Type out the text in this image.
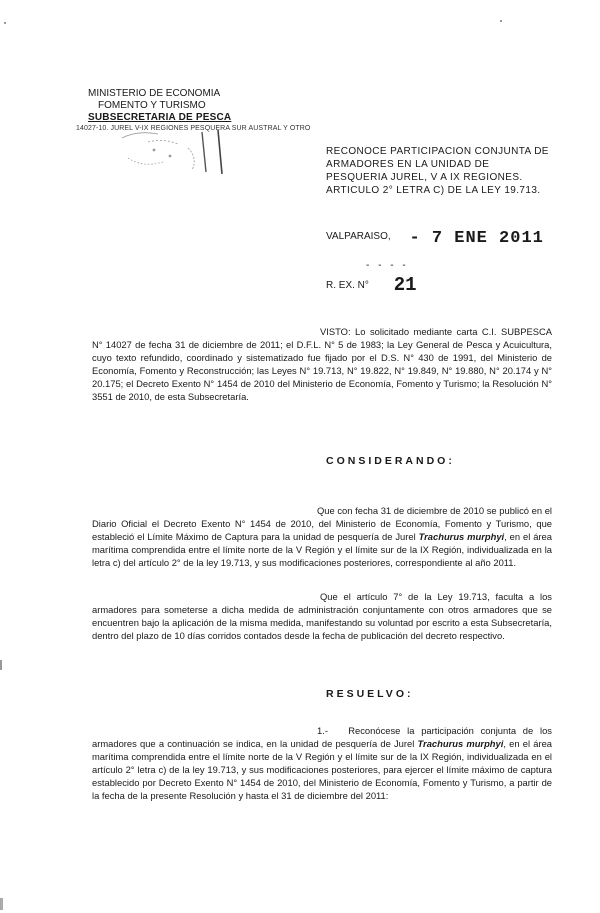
MINISTERIO DE ECONOMIA
FOMENTO Y TURISMO
SUBSECRETARIA DE PESCA
14027-10. JUREL V-IX REGIONES PESQUERA SUR AUSTRAL Y OTRO
RECONOCE PARTICIPACION CONJUNTA DE ARMADORES EN LA UNIDAD DE PESQUERIA JUREL, V A IX REGIONES. ARTICULO 2° LETRA C) DE LA LEY 19.713.
VALPARAISO, - 7 ENE 2011
- - - -
R. EX. N° 21
VISTO: Lo solicitado mediante carta C.I. SUBPESCA N° 14027 de fecha 31 de diciembre de 2011; el D.F.L. N° 5 de 1983; la Ley General de Pesca y Acuicultura, cuyo texto refundido, coordinado y sistematizado fue fijado por el D.S. N° 430 de 1991, del Ministerio de Economía, Fomento y Reconstrucción; las Leyes N° 19.713, N° 19.822, N° 19.849, N° 19.880, N° 20.174 y N° 20.175; el Decreto Exento N° 1454 de 2010 del Ministerio de Economía, Fomento y Turismo; la Resolución N° 3551 de 2010, de esta Subsecretaría.
CONSIDERANDO:
Que con fecha 31 de diciembre de 2010 se publicó en el Diario Oficial el Decreto Exento N° 1454 de 2010, del Ministerio de Economía, Fomento y Turismo, que estableció el Límite Máximo de Captura para la unidad de pesquería de Jurel Trachurus murphyi, en el área marítima comprendida entre el límite norte de la V Región y el límite sur de la IX Región, individualizada en la letra c) del artículo 2° de la ley 19.713, y sus modificaciones posteriores, correspondiente al año 2011.
Que el artículo 7° de la Ley 19.713, faculta a los armadores para someterse a dicha medida de administración conjuntamente con otros armadores que se encuentren bajo la aplicación de la misma medida, manifestando su voluntad por escrito a esta Subsecretaría, dentro del plazo de 10 días corridos contados desde la fecha de publicación del decreto respectivo.
RESUELVO:
1.- Reconócese la participación conjunta de los armadores que a continuación se indica, en la unidad de pesquería de Jurel Trachurus murphyi, en el área marítima comprendida entre el límite norte de la V Región y el límite sur de la IX Región, individualizada en el artículo 2° letra c) de la ley 19.713, y sus modificaciones posteriores, para ejercer el límite máximo de captura establecido por Decreto Exento N° 1454 de 2010, del Ministerio de Economía, Fomento y Turismo, a partir de la fecha de la presente Resolución y hasta el 31 de diciembre del 2011:
